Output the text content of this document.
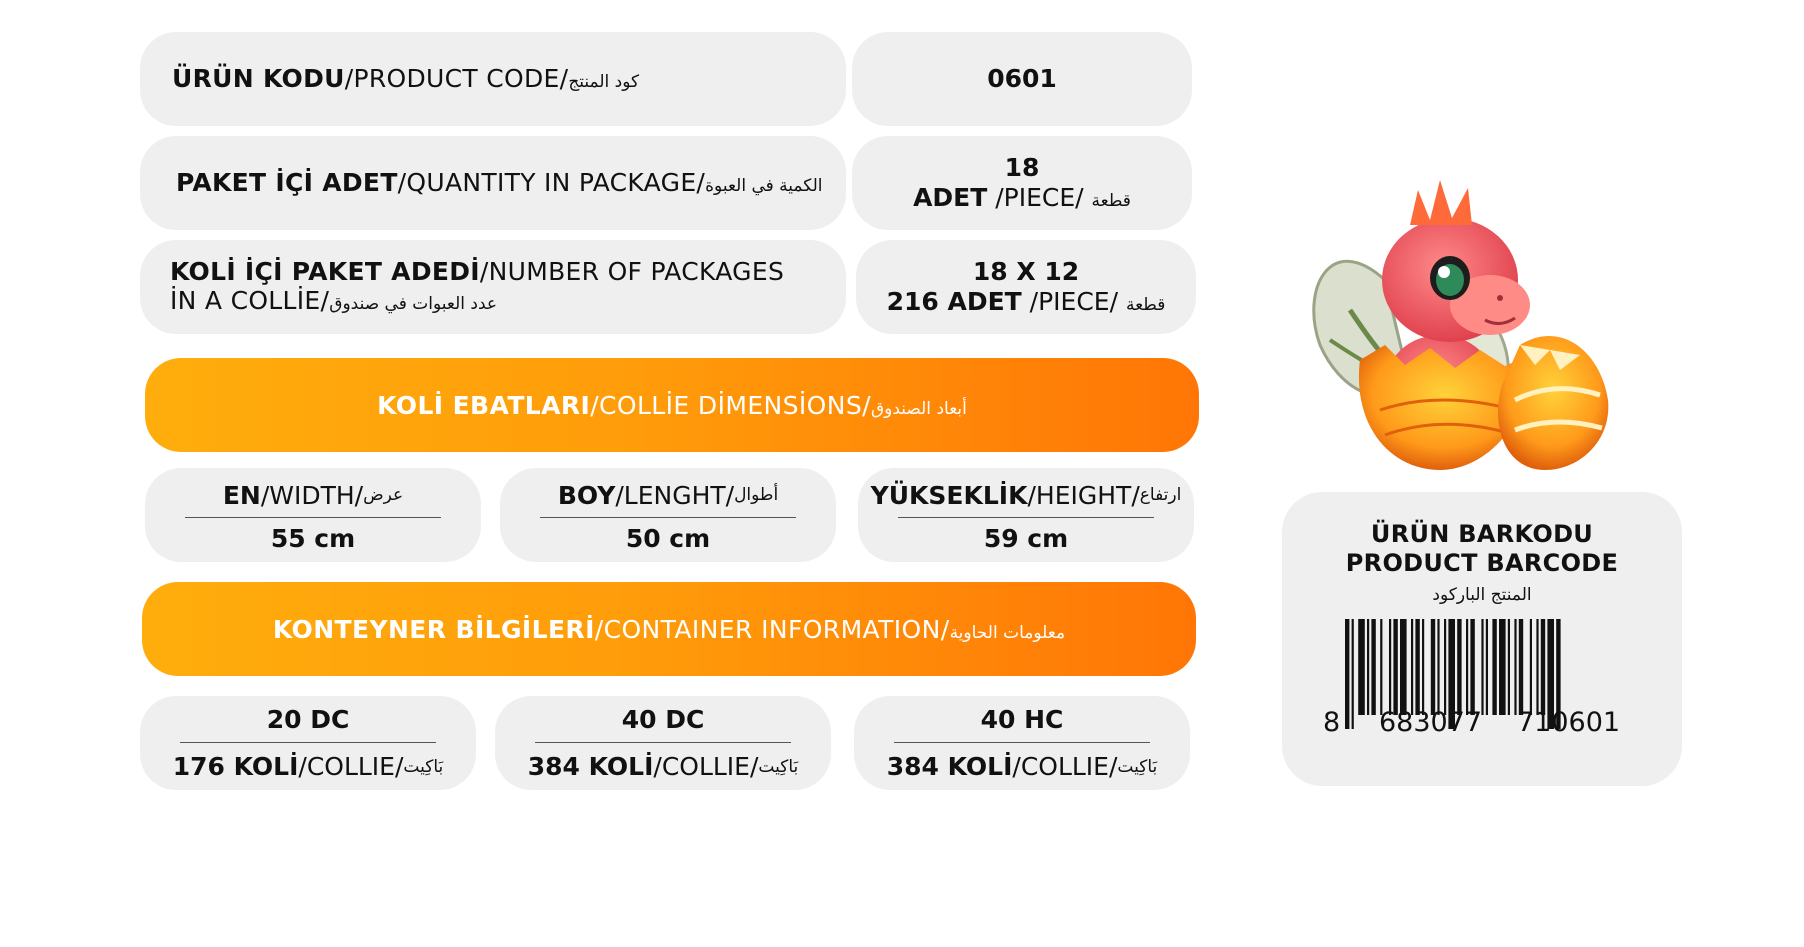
ÜRÜN KODU/PRODUCT CODE/كود المنتج	0601
PAKET İÇİ ADET/QUANTITY IN PACKAGE/الكمية في العبوة
18
ADET /PIECE/ قطعة
KOLİ İÇİ PAKET ADEDİ/NUMBER OF PACKAGES
İN A COLLİE/عدد العبوات في صندوق
18 X 12
216 ADET /PIECE/ قطعة
KOLİ EBATLARI/COLLİE DİMENSİONS/أبعاد الصندوق
EN /WIDTH/ عرض
55 cm
BOY /LENGHT/ أطوال
50 cm
YÜKSEKLİK /HEIGHT/ ارتفاع
59 cm
KONTEYNER BİLGİLERİ/CONTAINER INFORMATION/معلومات الحاوية
20 DC
176 KOLİ /COLLIE/ بَاكِيت
40 DC
384 KOLİ /COLLIE/ بَاكِيت
40 HC
384 KOLİ /COLLIE/ بَاكِيت
ÜRÜN BARKODU
PRODUCT BARCODE
المنتج الباركود
8 683077 710601
